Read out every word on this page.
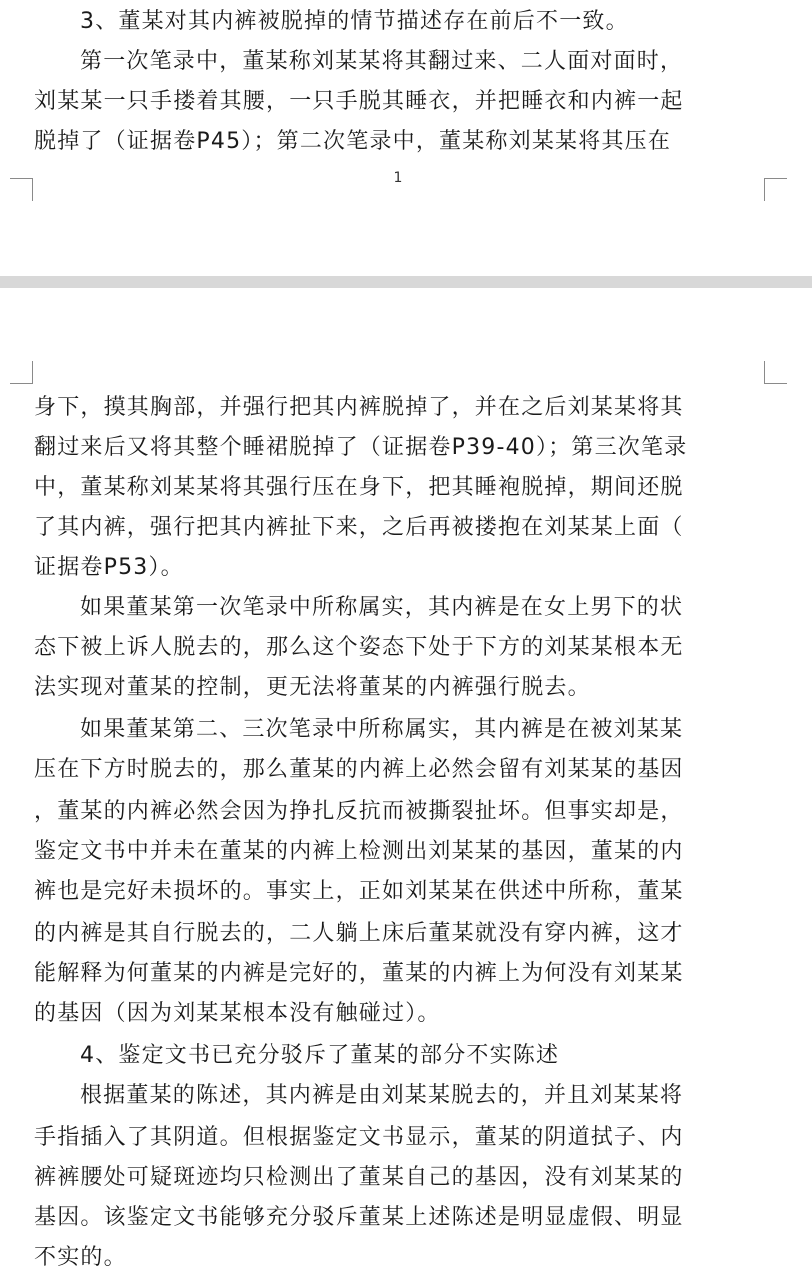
3、董某对其内裤被脱掉的情节描述存在前后不一致。
第一次笔录中，董某称刘某某将其翻过来、二人面对面时，
刘某某一只手搂着其腰，一只手脱其睡衣，并把睡衣和内裤一起
脱掉了（证据卷P45）；第二次笔录中，董某称刘某某将其压在
1
身下，摸其胸部，并强行把其内裤脱掉了，并在之后刘某某将其
翻过来后又将其整个睡裙脱掉了（证据卷P39-40）；第三次笔录
中，董某称刘某某将其强行压在身下，把其睡袍脱掉，期间还脱
了其内裤，强行把其内裤扯下来，之后再被搂抱在刘某某上面（
证据卷P53）。
如果董某第一次笔录中所称属实，其内裤是在女上男下的状
态下被上诉人脱去的，那么这个姿态下处于下方的刘某某根本无
法实现对董某的控制，更无法将董某的内裤强行脱去。
如果董某第二、三次笔录中所称属实，其内裤是在被刘某某
压在下方时脱去的，那么董某的内裤上必然会留有刘某某的基因
，董某的内裤必然会因为挣扎反抗而被撕裂扯坏。但事实却是，
鉴定文书中并未在董某的内裤上检测出刘某某的基因，董某的内
裤也是完好未损坏的。事实上，正如刘某某在供述中所称，董某
的内裤是其自行脱去的，二人躺上床后董某就没有穿内裤，这才
能解释为何董某的内裤是完好的，董某的内裤上为何没有刘某某
的基因（因为刘某某根本没有触碰过）。
4、鉴定文书已充分驳斥了董某的部分不实陈述
根据董某的陈述，其内裤是由刘某某脱去的，并且刘某某将
手指插入了其阴道。但根据鉴定文书显示，董某的阴道拭子、内
裤裤腰处可疑斑迹均只检测出了董某自己的基因，没有刘某某的
基因。该鉴定文书能够充分驳斥董某上述陈述是明显虚假、明显
不实的。
